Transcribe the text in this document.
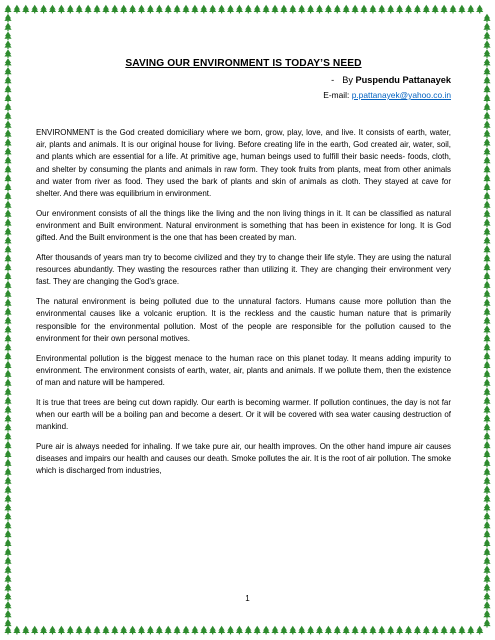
SAVING OUR ENVIRONMENT IS TODAY’S NEED
- By Puspendu Pattanayek
E-mail: p.pattanayek@yahoo.co.in

ENVIRONMENT is the God created domiciliary where we born, grow, play, love, and live. It consists of earth, water, air, plants and animals. It is our original house for living. Before creating life in the earth, God created air, water, soil, and plants which are essential for a life. At primitive age, human beings used to fulfill their basic needs- foods, cloth, and shelter by consuming the plants and animals in raw form. They took fruits from plants, meat from other animals and water from river as food. They used the bark of plants and skin of animals as cloth. They stayed at cave for shelter. And there was equilibrium in environment.

Our environment consists of all the things like the living and the non living things in it. It can be classified as natural environment and Built environment. Natural environment is something that has been in existence for long. It is God gifted. And the Built environment is the one that has been created by man.

After thousands of years man try to become civilized and they try to change their life style. They are using the natural resources abundantly. They wasting the resources rather than utilizing it. They are changing their environment very fast. They are changing the God’s grace.

The natural environment is being polluted due to the unnatural factors. Humans cause more pollution than the environmental causes like a volcanic eruption. It is the reckless and the caustic human nature that is primarily responsible for the environmental pollution. Most of the people are responsible for the pollution caused to the environment for their own personal motives.

Environmental pollution is the biggest menace to the human race on this planet today. It means adding impurity to environment. The environment consists of earth, water, air, plants and animals. If we pollute them, then the existence of man and nature will be hampered.

It is true that trees are being cut down rapidly. Our earth is becoming warmer. If pollution continues, the day is not far when our earth will be a boiling pan and become a desert. Or it will be covered with sea water causing destruction of mankind.

Pure air is always needed for inhaling. If we take pure air, our health improves. On the other hand impure air causes diseases and impairs our health and causes our death. Smoke pollutes the air. It is the root of air pollution. The smoke which is discharged from industries,

1
